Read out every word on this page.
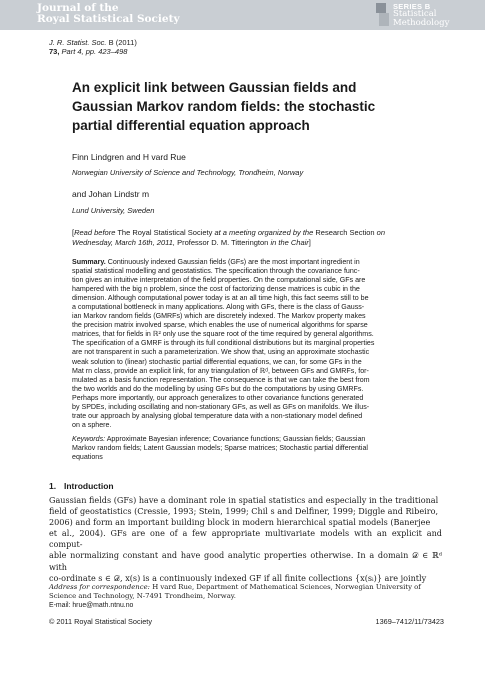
Journal of the
Royal Statistical Society
SERIES B
Statistical
Methodology
J. R. Statist. Soc. B (2011)
73, Part 4, pp. 423–498
An explicit link between Gaussian fields and
Gaussian Markov random fields: the stochastic
partial differential equation approach
Finn Lindgren and H vard Rue
Norwegian University of Science and Technology, Trondheim, Norway
and Johan Lindstr m
Lund University, Sweden
[Read before The Royal Statistical Society at a meeting organized by the Research Section on
Wednesday, March 16th, 2011, Professor D. M. Titterington in the Chair]
Summary. Continuously indexed Gaussian fields (GFs) are the most important ingredient in
spatial statistical modelling and geostatistics. The specification through the covariance func-
tion gives an intuitive interpretation of the field properties. On the computational side, GFs are
hampered with the big n problem, since the cost of factorizing dense matrices is cubic in the
dimension. Although computational power today is at an all time high, this fact seems still to be
a computational bottleneck in many applications. Along with GFs, there is the class of Gauss-
ian Markov random fields (GMRFs) which are discretely indexed. The Markov property makes
the precision matrix involved sparse, which enables the use of numerical algorithms for sparse
matrices, that for fields in ℝ² only use the square root of the time required by general algorithms.
The specification of a GMRF is through its full conditional distributions but its marginal properties
are not transparent in such a parameterization. We show that, using an approximate stochastic
weak solution to (linear) stochastic partial differential equations, we can, for some GFs in the
Mat rn class, provide an explicit link, for any triangulation of ℝᵈ, between GFs and GMRFs, for-
mulated as a basis function representation. The consequence is that we can take the best from
the two worlds and do the modelling by using GFs but do the computations by using GMRFs.
Perhaps more importantly, our approach generalizes to other covariance functions generated
by SPDEs, including oscillating and non-stationary GFs, as well as GFs on manifolds. We illus-
trate our approach by analysing global temperature data with a non-stationary model defined
on a sphere.
Keywords: Approximate Bayesian inference; Covariance functions; Gaussian fields; Gaussian
Markov random fields; Latent Gaussian models; Sparse matrices; Stochastic partial differential
equations
1. Introduction
Gaussian fields (GFs) have a dominant role in spatial statistics and especially in the traditional
field of geostatistics (Cressie, 1993; Stein, 1999; Chil s and Delfiner, 1999; Diggle and Ribeiro,
2006) and form an important building block in modern hierarchical spatial models (Banerjee
et al., 2004). GFs are one of a few appropriate multivariate models with an explicit and comput-
able normalizing constant and have good analytic properties otherwise. In a domain 𝒟 ∈ ℝᵈ with
co-ordinate s ∈ 𝒟, x(s) is a continuously indexed GF if all finite collections {x(sᵢ)} are jointly
Address for correspondence: H vard Rue, Department of Mathematical Sciences, Norwegian University of
Science and Technology, N-7491 Trondheim, Norway.
E-mail: hrue@math.ntnu.no
© 2011 Royal Statistical Society	1369–7412/11/73423
